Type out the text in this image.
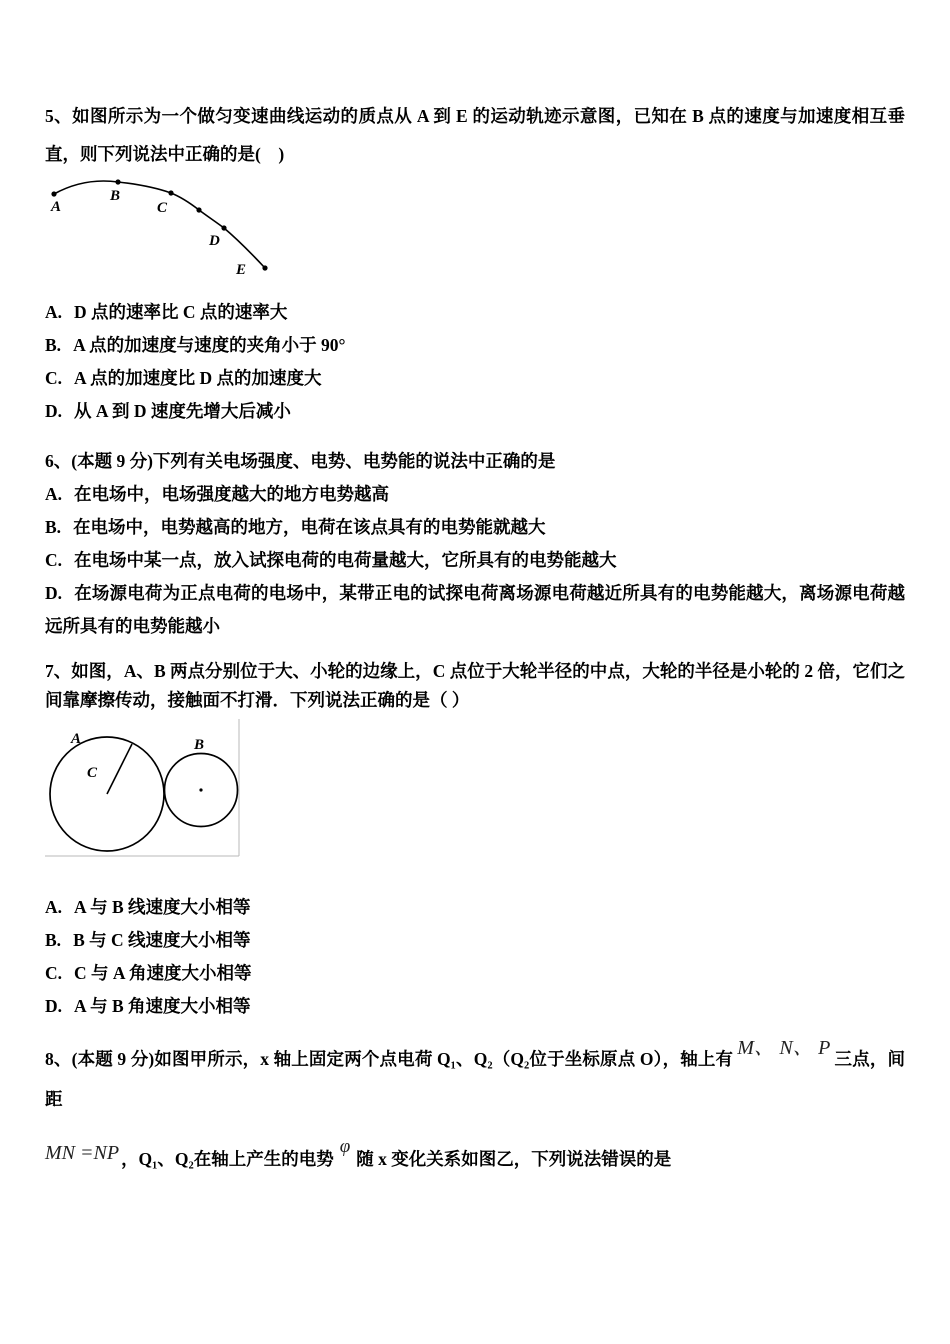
5、如图所示为一个做匀变速曲线运动的质点从 A 到 E 的运动轨迹示意图，已知在 B 点的速度与加速度相互垂直，则下列说法中正确的是(　)
A
B
C
D
E
A. D 点的速率比 C 点的速率大
B. A 点的加速度与速度的夹角小于 90°
C. A 点的加速度比 D 点的加速度大
D. 从 A 到 D 速度先增大后减小
6、(本题 9 分)下列有关电场强度、电势、电势能的说法中正确的是
A. 在电场中，电场强度越大的地方电势越高
B. 在电场中，电势越高的地方，电荷在该点具有的电势能就越大
C. 在电场中某一点，放入试探电荷的电荷量越大，它所具有的电势能越大
D. 在场源电荷为正点电荷的电场中，某带正电的试探电荷离场源电荷越近所具有的电势能越大，离场源电荷越远所具有的电势能越小
7、如图，A、B 两点分别位于大、小轮的边缘上，C 点位于大轮半径的中点，大轮的半径是小轮的 2 倍，它们之间靠摩擦传动，接触面不打滑．下列说法正确的是（ ）
A
C
B
A. A 与 B 线速度大小相等
B. B 与 C 线速度大小相等
C. C 与 A 角速度大小相等
D. A 与 B 角速度大小相等
8、(本题 9 分)如图甲所示，x 轴上固定两个点电荷 Q₁、Q₂（Q₂位于坐标原点 O），轴上有 M、 N、 P 三点，间距
MN =NP ，Q₁、Q₂在轴上产生的电势φ随 x 变化关系如图乙，下列说法错误的是
